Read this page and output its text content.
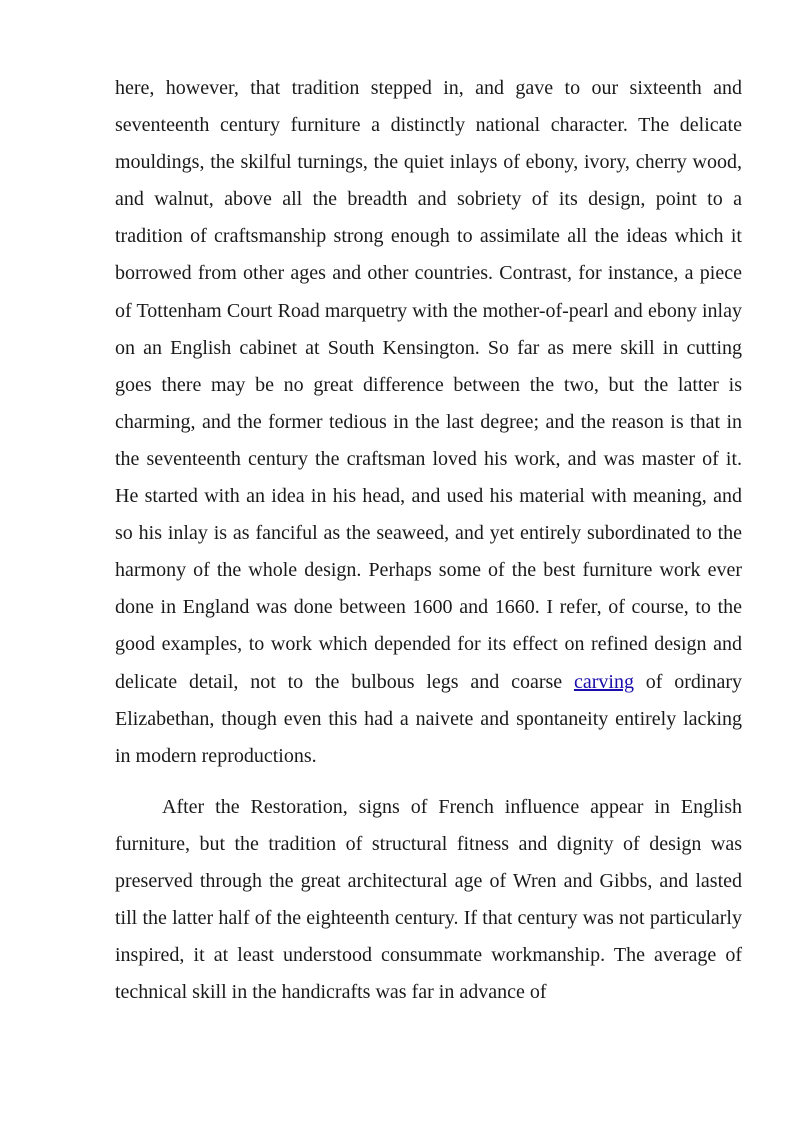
here, however, that tradition stepped in, and gave to our sixteenth and seventeenth century furniture a distinctly national character. The delicate mouldings, the skilful turnings, the quiet inlays of ebony, ivory, cherry wood, and walnut, above all the breadth and sobriety of its design, point to a tradition of craftsmanship strong enough to assimilate all the ideas which it borrowed from other ages and other countries. Contrast, for instance, a piece of Tottenham Court Road marquetry with the mother-of-pearl and ebony inlay on an English cabinet at South Kensington. So far as mere skill in cutting goes there may be no great difference between the two, but the latter is charming, and the former tedious in the last degree; and the reason is that in the seventeenth century the craftsman loved his work, and was master of it. He started with an idea in his head, and used his material with meaning, and so his inlay is as fanciful as the seaweed, and yet entirely subordinated to the harmony of the whole design. Perhaps some of the best furniture work ever done in England was done between 1600 and 1660. I refer, of course, to the good examples, to work which depended for its effect on refined design and delicate detail, not to the bulbous legs and coarse carving of ordinary Elizabethan, though even this had a naivete and spontaneity entirely lacking in modern reproductions.

After the Restoration, signs of French influence appear in English furniture, but the tradition of structural fitness and dignity of design was preserved through the great architectural age of Wren and Gibbs, and lasted till the latter half of the eighteenth century. If that century was not particularly inspired, it at least understood consummate workmanship. The average of technical skill in the handicrafts was far in advance of
